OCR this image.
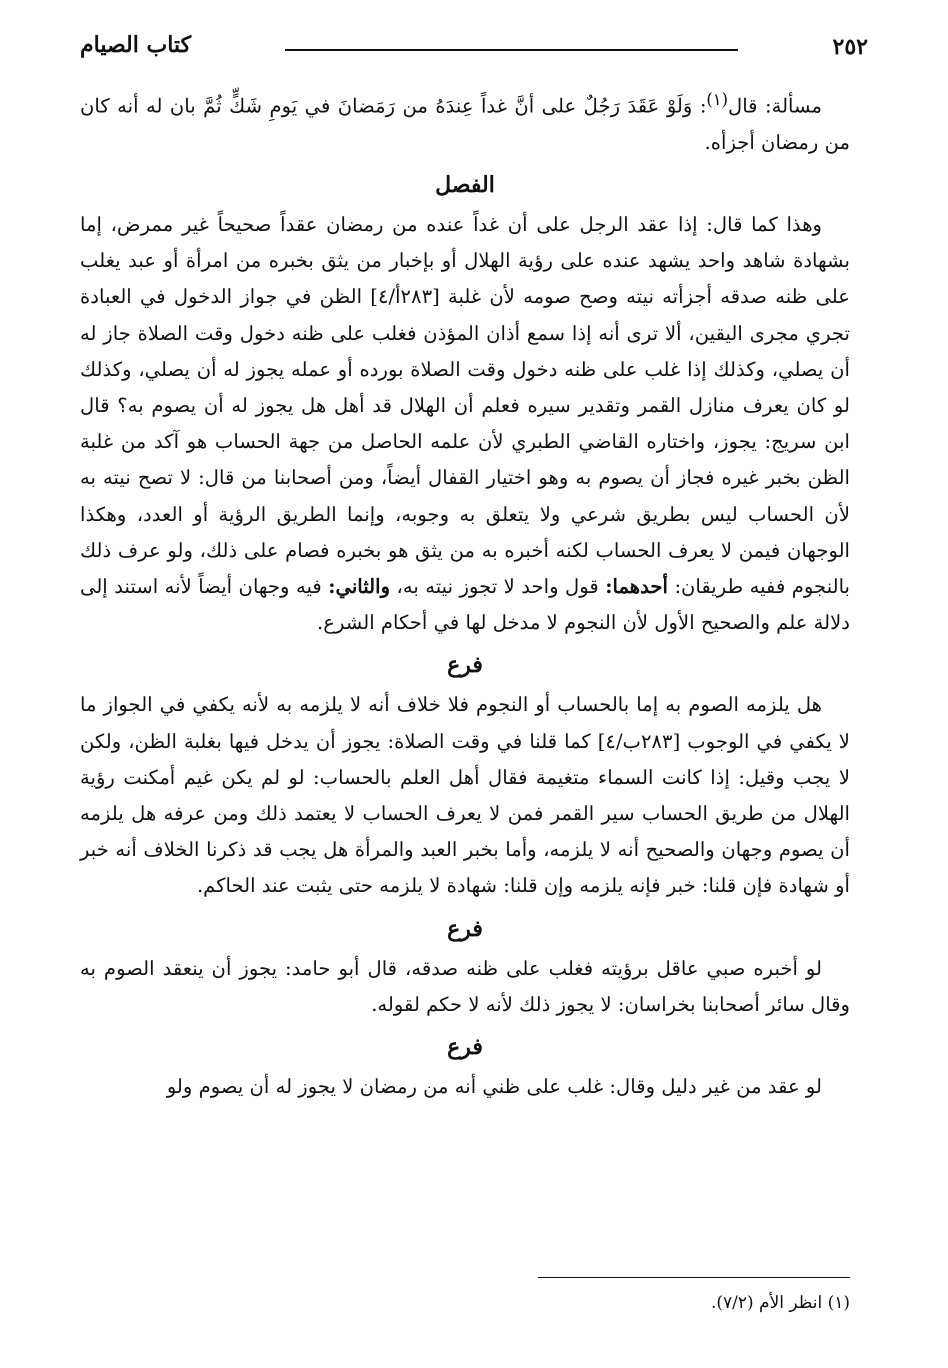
٢٥٢
كتاب الصيام

مسألة: قال$^{(١)}$: وَلَوْ عَقَدَ رَجُلٌ على أنَّ غداً عِندَهُ من رَمَضانَ في يَومِ شَكٍّ ثُمَّ بان له أنه كان من رمضان أجزأه.

الفصل

وهذا كما قال: إذا عقد الرجل على أن غداً عنده من رمضان عقداً صحيحاً غير ممرض، إما بشهادة شاهد واحد يشهد عنده على رؤية الهلال أو بإخبار من يثق بخبره من امرأة أو عبد يغلب على ظنه صدقه أجزأته نيته وصح صومه لأن غلبة [٢٨٣أ/٤] الظن في جواز الدخول في العبادة تجري مجرى اليقين، ألا ترى أنه إذا سمع أذان المؤذن فغلب على ظنه دخول وقت الصلاة جاز له أن يصلي، وكذلك إذا غلب على ظنه دخول وقت الصلاة بورده أو عمله يجوز له أن يصلي، وكذلك لو كان يعرف منازل القمر وتقدير سيره فعلم أن الهلال قد أهل هل يجوز له أن يصوم به؟ قال ابن سريج: يجوز، واختاره القاضي الطبري لأن علمه الحاصل من جهة الحساب هو آكد من غلبة الظن بخبر غيره فجاز أن يصوم به وهو اختيار القفال أيضاً، ومن أصحابنا من قال: لا تصح نيته به لأن الحساب ليس بطريق شرعي ولا يتعلق به وجوبه، وإنما الطريق الرؤية أو العدد، وهكذا الوجهان فيمن لا يعرف الحساب لكنه أخبره به من يثق هو بخبره فصام على ذلك، ولو عرف ذلك بالنجوم ففيه طريقان: أحدهما: قول واحد لا تجوز نيته به، والثاني: فيه وجهان أيضاً لأنه استند إلى دلالة علم والصحيح الأول لأن النجوم لا مدخل لها في أحكام الشرع.

فرع

هل يلزمه الصوم به إما بالحساب أو النجوم فلا خلاف أنه لا يلزمه به لأنه يكفي في الجواز ما لا يكفي في الوجوب [٢٨٣ب/٤] كما قلنا في وقت الصلاة: يجوز أن يدخل فيها بغلبة الظن، ولكن لا يجب وقيل: إذا كانت السماء متغيمة فقال أهل العلم بالحساب: لو لم يكن غيم أمكنت رؤية الهلال من طريق الحساب سير القمر فمن لا يعرف الحساب لا يعتمد ذلك ومن عرفه هل يلزمه أن يصوم وجهان والصحيح أنه لا يلزمه، وأما بخبر العبد والمرأة هل يجب قد ذكرنا الخلاف أنه خبر أو شهادة فإن قلنا: خبر فإنه يلزمه وإن قلنا: شهادة لا يلزمه حتى يثبت عند الحاكم.

فرع

لو أخبره صبي عاقل برؤيته فغلب على ظنه صدقه، قال أبو حامد: يجوز أن ينعقد الصوم به وقال سائر أصحابنا بخراسان: لا يجوز ذلك لأنه لا حكم لقوله.

فرع

لو عقد من غير دليل وقال: غلب على ظني أنه من رمضان لا يجوز له أن يصوم ولو

(١) انظر الأم (٧/٢).
